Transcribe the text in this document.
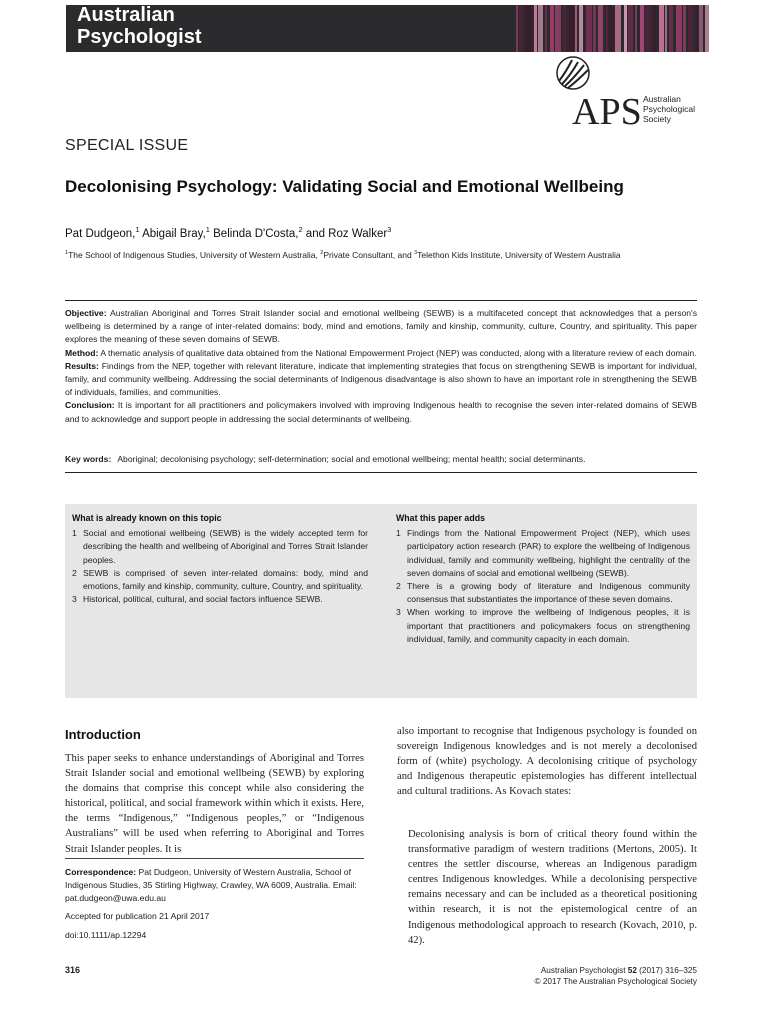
Australian
Psychologist
APS Australian
Psychological
Society
SPECIAL ISSUE
Decolonising Psychology: Validating Social and Emotional Wellbeing
Pat Dudgeon,$^1$ Abigail Bray,$^1$ Belinda D'Costa,$^2$ and Roz Walker$^3$
$^1$The School of Indigenous Studies, University of Western Australia, $^2$Private Consultant, and $^3$Telethon Kids Institute, University of Western Australia

Objective: Australian Aboriginal and Torres Strait Islander social and emotional wellbeing (SEWB) is a multifaceted concept that acknowledges that a person's wellbeing is determined by a range of inter-related domains: body, mind and emotions, family and kinship, community, culture, Country, and spirituality. This paper explores the meaning of these seven domains of SEWB.

Method: A thematic analysis of qualitative data obtained from the National Empowerment Project (NEP) was conducted, along with a literature review of each domain.

Results: Findings from the NEP, together with relevant literature, indicate that implementing strategies that focus on strengthening SEWB is important for individual, family, and community wellbeing. Addressing the social determinants of Indigenous disadvantage is also shown to have an important role in strengthening the SEWB of individuals, families, and communities.

Conclusion: It is important for all practitioners and policymakers involved with improving Indigenous health to recognise the seven inter-related domains of SEWB and to acknowledge and support people in addressing the social determinants of wellbeing.

Key words: Aboriginal; decolonising psychology; self-determination; social and emotional wellbeing; mental health; social determinants.
What is already known on this topic
1 Social and emotional wellbeing (SEWB) is the widely accepted term for describing the health and wellbeing of Aboriginal and Torres Strait Islander peoples.
2 SEWB is comprised of seven inter-related domains: body, mind and emotions, family and kinship, community, culture, Country, and spirituality.
3 Historical, political, cultural, and social factors influence SEWB.
What this paper adds
1 Findings from the National Empowerment Project (NEP), which uses participatory action research (PAR) to explore the wellbeing of Indigenous individual, family and community wellbeing, highlight the centrality of the seven domains of social and emotional wellbeing (SEWB).
2 There is a growing body of literature and Indigenous community consensus that substantiates the importance of these seven domains.
3 When working to improve the wellbeing of Indigenous peoples, it is important that practitioners and policymakers focus on strengthening individual, family, and community capacity in each domain.
Introduction
This paper seeks to enhance understandings of Aboriginal and Torres Strait Islander social and emotional wellbeing (SEWB) by exploring the domains that comprise this concept while also considering the historical, political, and social framework within which it exists. Here, the terms “Indigenous,” “Indigenous peoples,” or “Indigenous Australians” will be used when referring to Aboriginal and Torres Strait Islander peoples. It is
also important to recognise that Indigenous psychology is founded on sovereign Indigenous knowledges and is not merely a decolonised form of (white) psychology. A decolonising critique of psychology and Indigenous therapeutic epistemologies has different intellectual and cultural traditions. As Kovach states:
Decolonising analysis is born of critical theory found within the transformative paradigm of western traditions (Mertons, 2005). It centres the settler discourse, whereas an Indigenous paradigm centres Indigenous knowledges. While a decolonising perspective remains necessary and can be included as a theoretical positioning within research, it is not the epistemological centre of an Indigenous methodological approach to research (Kovach, 2010, p. 42).
Correspondence: Pat Dudgeon, University of Western Australia, School of Indigenous Studies, 35 Stirling Highway, Crawley, WA 6009, Australia. Email: pat.dudgeon@uwa.edu.au
Accepted for publication 21 April 2017
doi:10.1111/ap.12294
316	Australian Psychologist 52 (2017) 316–325
© 2017 The Australian Psychological Society
